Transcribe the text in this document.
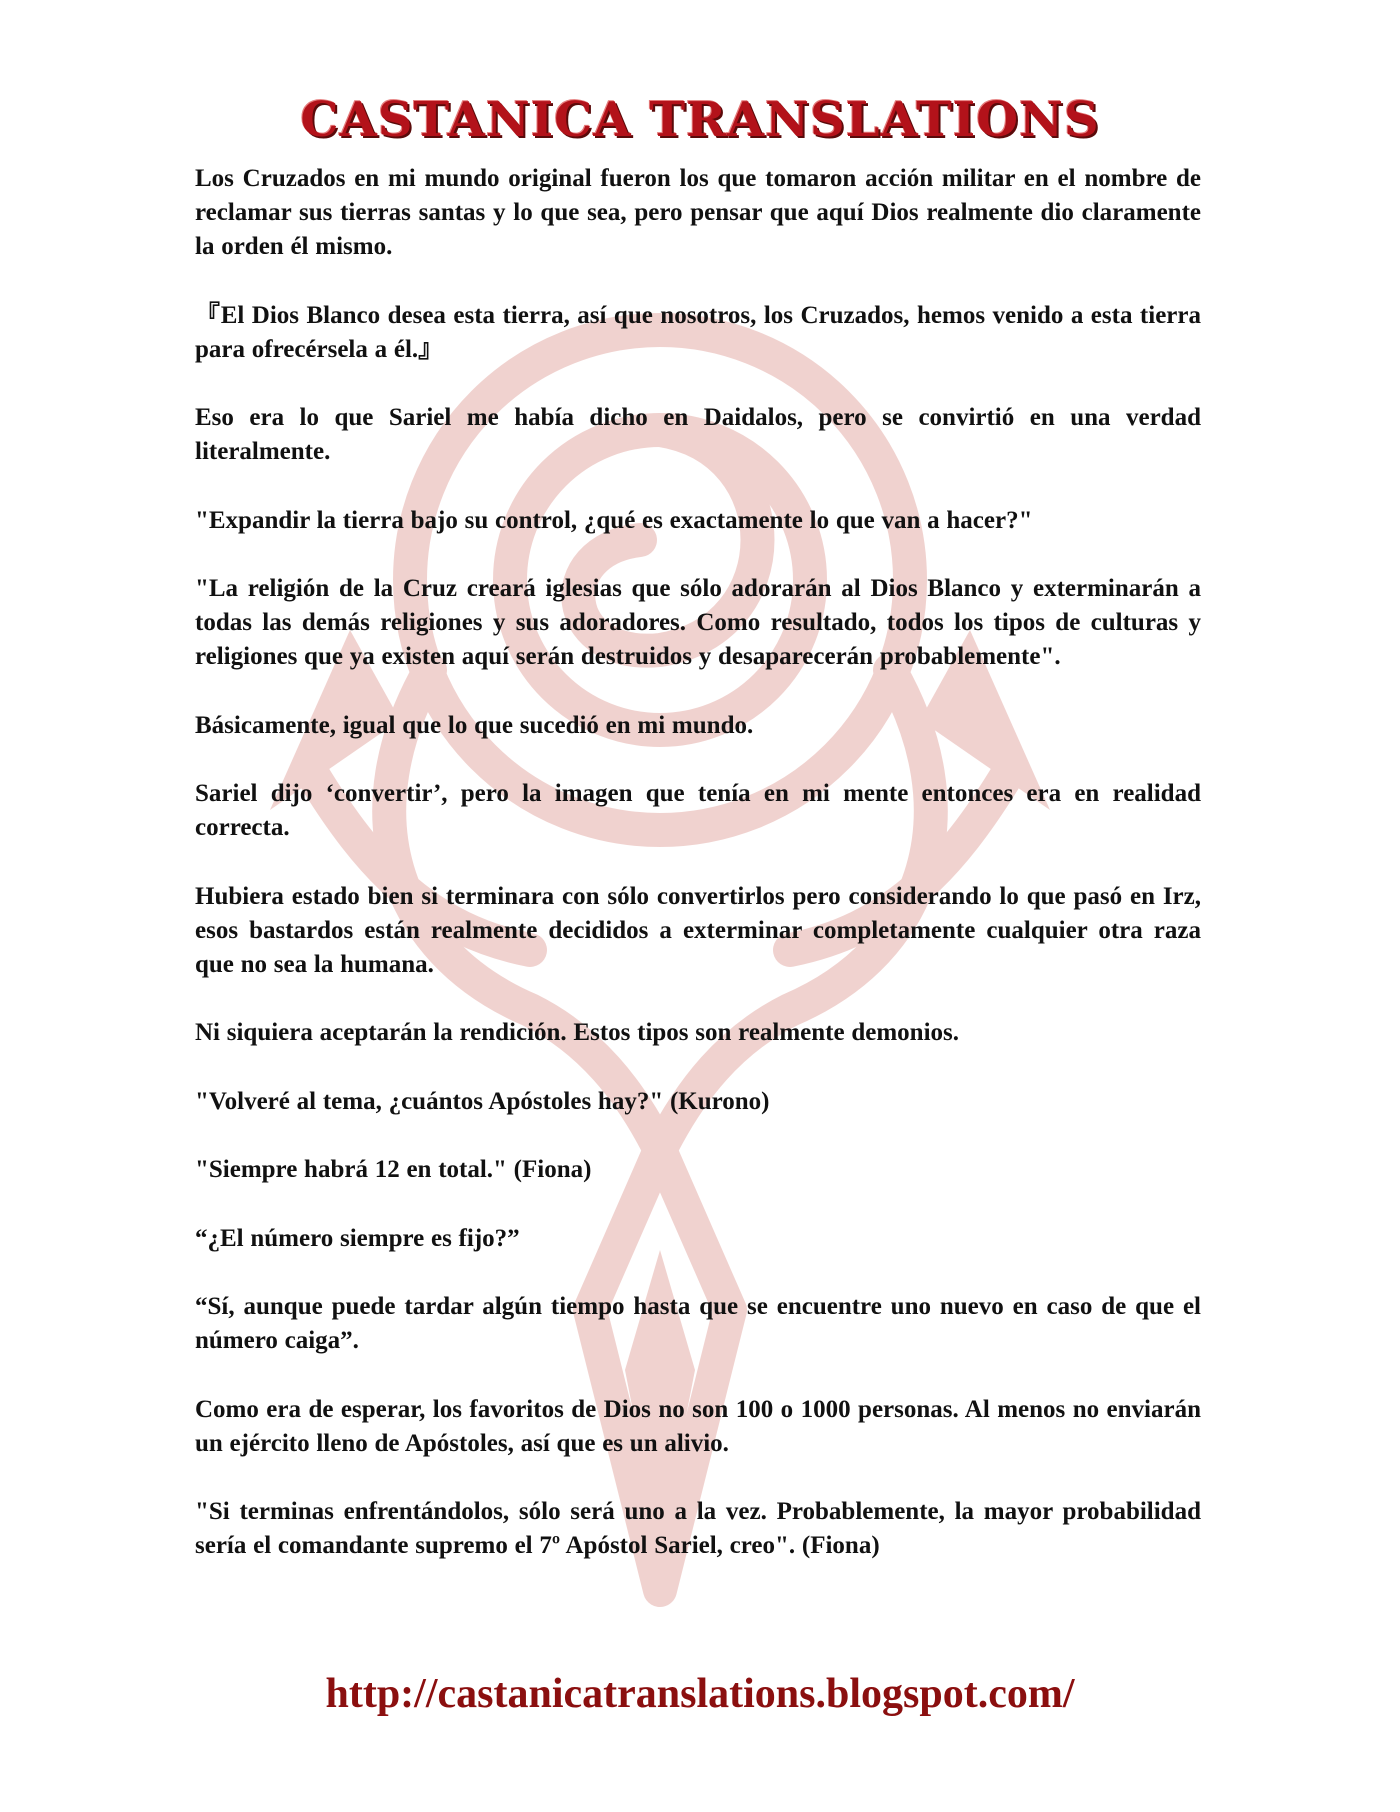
CASTANICA TRANSLATIONS

Los Cruzados en mi mundo original fueron los que tomaron acción militar en el nombre de reclamar sus tierras santas y lo que sea, pero pensar que aquí Dios realmente dio claramente la orden él mismo.

『El Dios Blanco desea esta tierra, así que nosotros, los Cruzados, hemos venido a esta tierra para ofrecérsela a él.』

Eso era lo que Sariel me había dicho en Daidalos, pero se convirtió en una verdad literalmente.

"Expandir la tierra bajo su control, ¿qué es exactamente lo que van a hacer?"

"La religión de la Cruz creará iglesias que sólo adorarán al Dios Blanco y exterminarán a todas las demás religiones y sus adoradores. Como resultado, todos los tipos de culturas y religiones que ya existen aquí serán destruidos y desaparecerán probablemente".

Básicamente, igual que lo que sucedió en mi mundo.

Sariel dijo ‘convertir’, pero la imagen que tenía en mi mente entonces era en realidad correcta.

Hubiera estado bien si terminara con sólo convertirlos pero considerando lo que pasó en Irz, esos bastardos están realmente decididos a exterminar completamente cualquier otra raza que no sea la humana.

Ni siquiera aceptarán la rendición. Estos tipos son realmente demonios.

"Volveré al tema, ¿cuántos Apóstoles hay?" (Kurono)

"Siempre habrá 12 en total." (Fiona)

“¿El número siempre es fijo?”

“Sí, aunque puede tardar algún tiempo hasta que se encuentre uno nuevo en caso de que el número caiga”.

Como era de esperar, los favoritos de Dios no son 100 o 1000 personas. Al menos no enviarán un ejército lleno de Apóstoles, así que es un alivio.

"Si terminas enfrentándolos, sólo será uno a la vez. Probablemente, la mayor probabilidad sería el comandante supremo el 7º Apóstol Sariel, creo". (Fiona)

http://castanicatranslations.blogspot.com/
